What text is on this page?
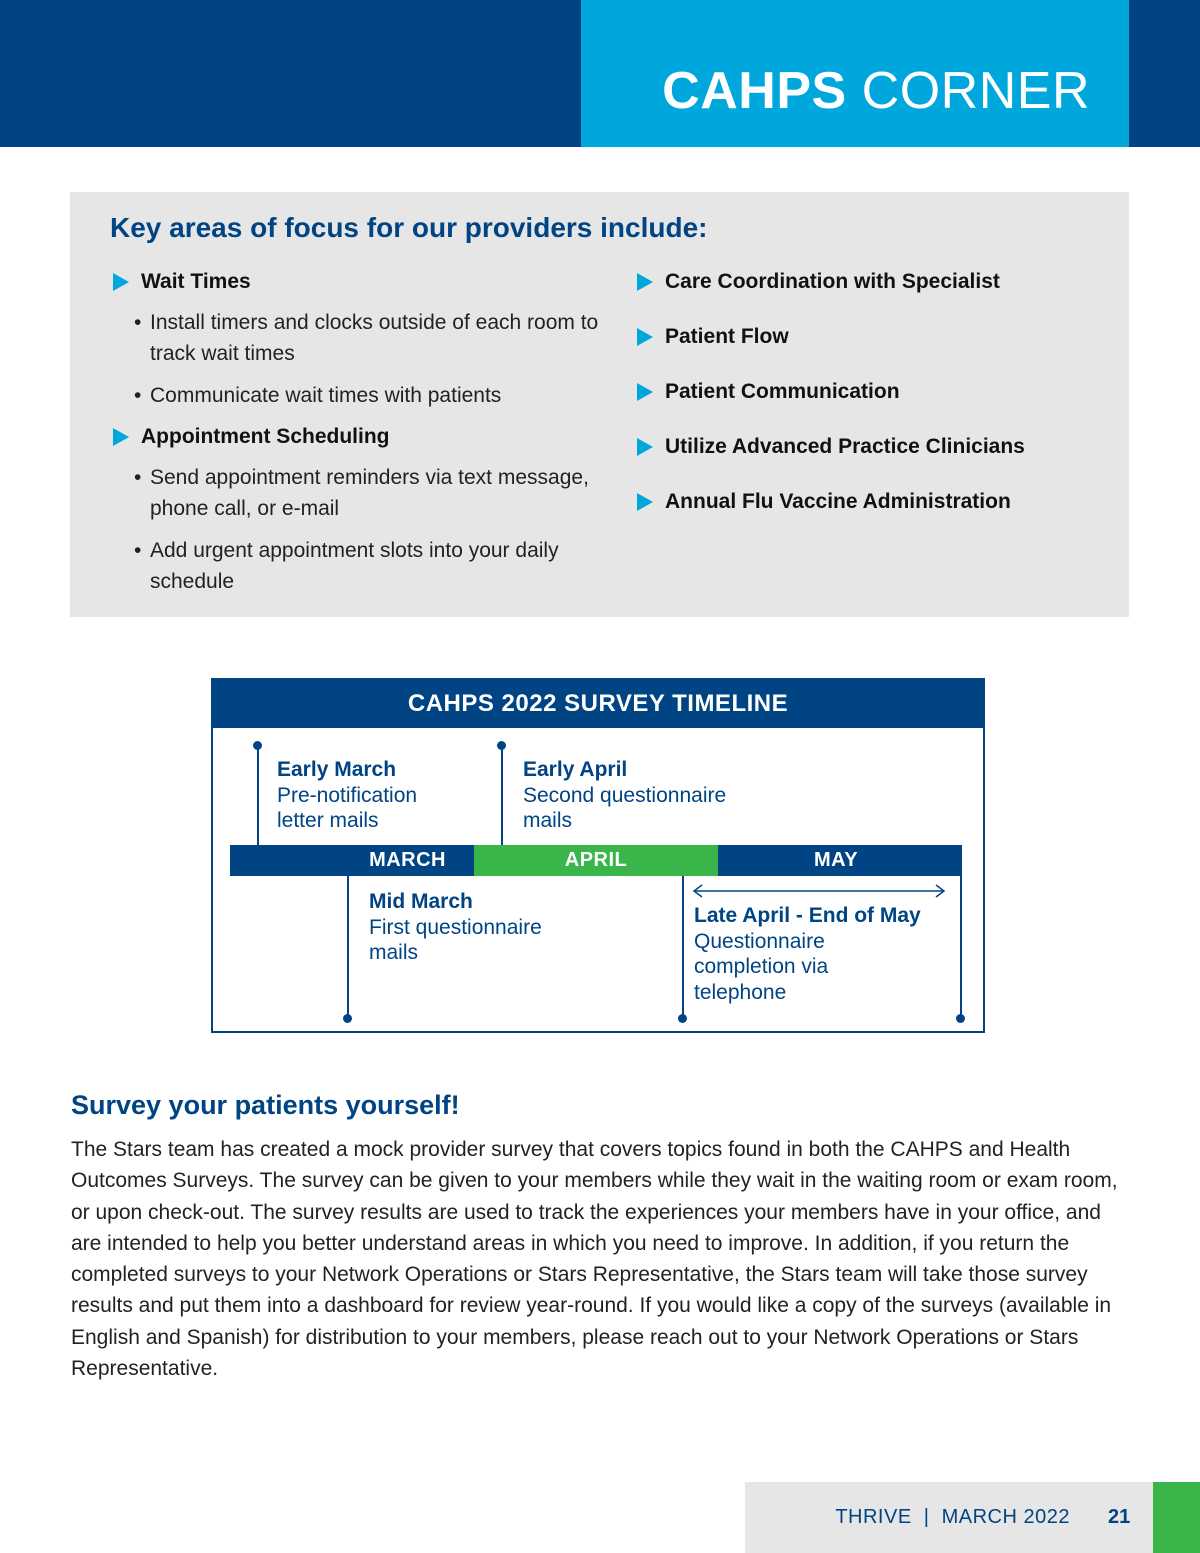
CAHPS CORNER
Key areas of focus for our providers include:
Wait Times
• Install timers and clocks outside of each room to track wait times
• Communicate wait times with patients
Appointment Scheduling
• Send appointment reminders via text message, phone call, or e-mail
• Add urgent appointment slots into your daily schedule
Care Coordination with Specialist
Patient Flow
Patient Communication
Utilize Advanced Practice Clinicians
Annual Flu Vaccine Administration
CAHPS 2022 SURVEY TIMELINE
MARCH	APRIL	MAY
Early March
Pre-notification
letter mails
Early April
Second questionnaire
mails
Mid March
First questionnaire
mails
Late April - End of May
Questionnaire
completion via
telephone
Survey your patients yourself!
The Stars team has created a mock provider survey that covers topics found in both the CAHPS and Health Outcomes Surveys. The survey can be given to your members while they wait in the waiting room or exam room, or upon check-out. The survey results are used to track the experiences your members have in your office, and are intended to help you better understand areas in which you need to improve. In addition, if you return the completed surveys to your Network Operations or Stars Representative, the Stars team will take those survey results and put them into a dashboard for review year-round. If you would like a copy of the surveys (available in English and Spanish) for distribution to your members, please reach out to your Network Operations or Stars Representative.
THRIVE | MARCH 2022 21
